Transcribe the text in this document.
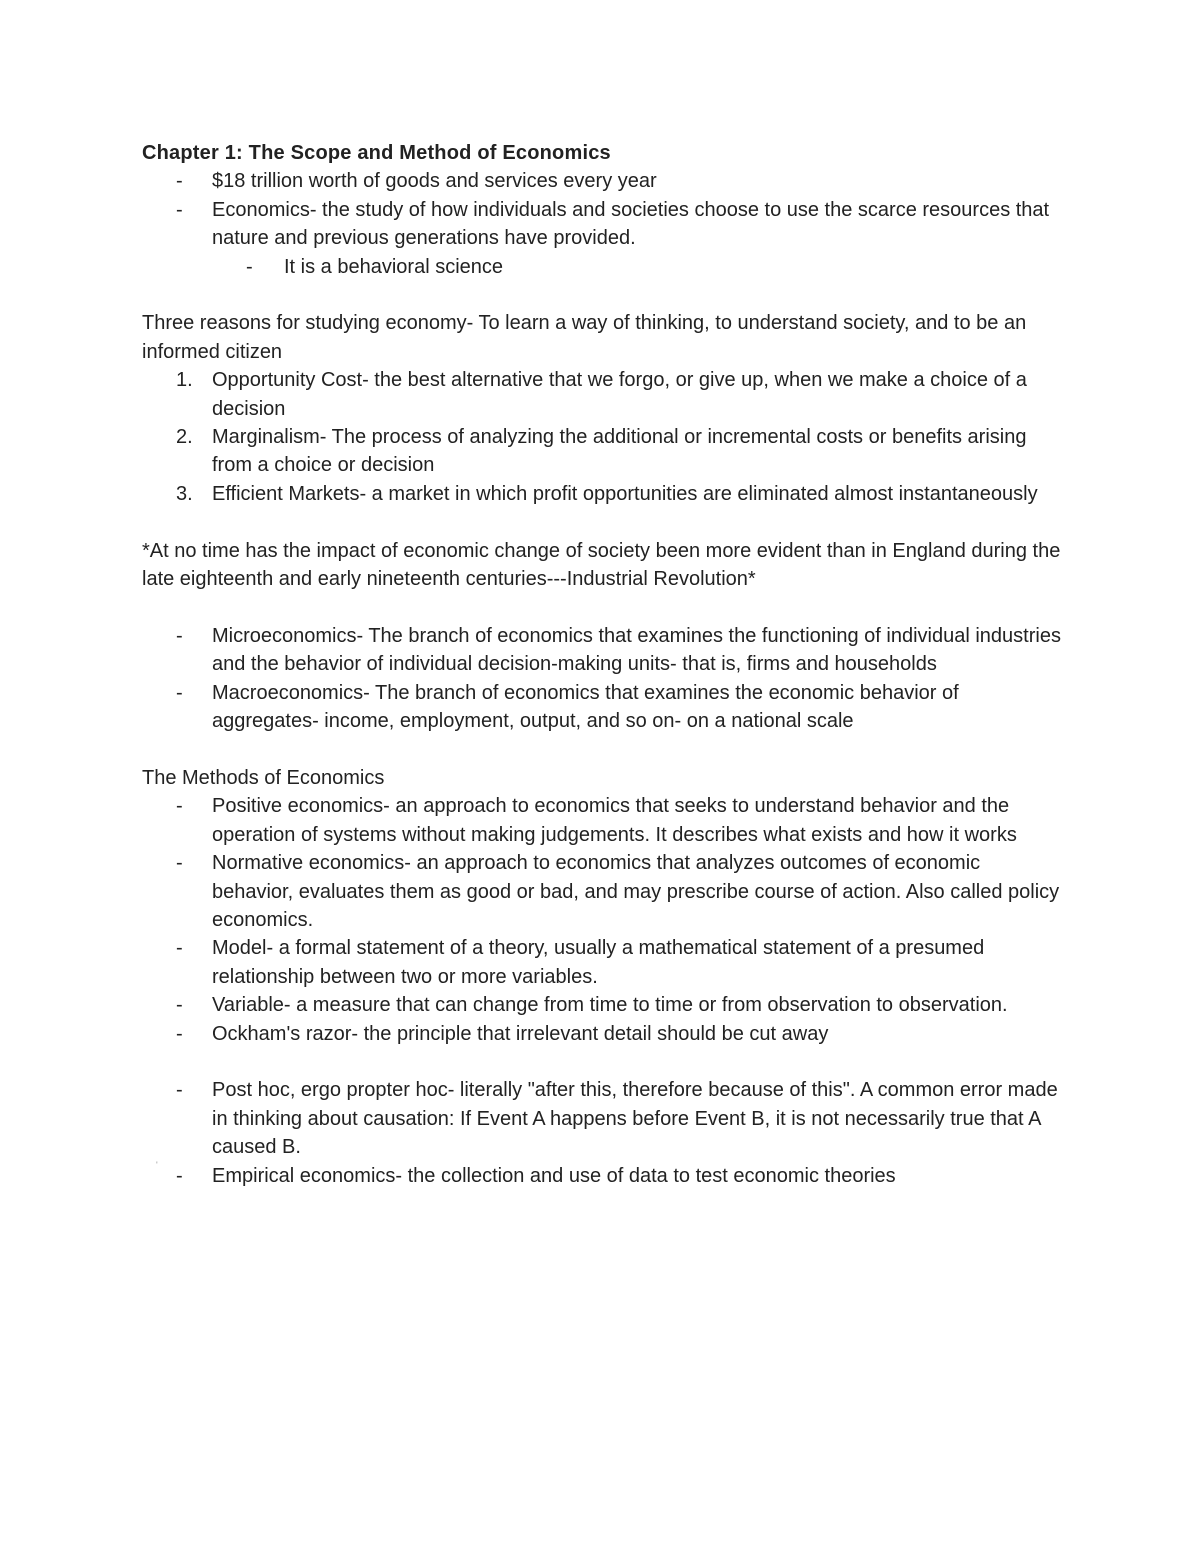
Chapter 1: The Scope and Method of Economics
- $18 trillion worth of goods and services every year
- Economics- the study of how individuals and societies choose to use the scarce resources that nature and previous generations have provided.
- It is a behavioral science

Three reasons for studying economy- To learn a way of thinking, to understand society, and to be an informed citizen

1. Opportunity Cost- the best alternative that we forgo, or give up, when we make a choice of a decision
2. Marginalism- The process of analyzing the additional or incremental costs or benefits arising from a choice or decision
3. Efficient Markets- a market in which profit opportunities are eliminated almost instantaneously

*At no time has the impact of economic change of society been more evident than in England during the late eighteenth and early nineteenth centuries---Industrial Revolution*

- Microeconomics- The branch of economics that examines the functioning of individual industries and the behavior of individual decision-making units- that is, firms and households
- Macroeconomics- The branch of economics that examines the economic behavior of aggregates- income, employment, output, and so on- on a national scale

The Methods of Economics

- Positive economics- an approach to economics that seeks to understand behavior and the operation of systems without making judgements. It describes what exists and how it works
- Normative economics- an approach to economics that analyzes outcomes of economic behavior, evaluates them as good or bad, and may prescribe course of action. Also called policy economics.
- Model- a formal statement of a theory, usually a mathematical statement of a presumed relationship between two or more variables.
- Variable- a measure that can change from time to time or from observation to observation.
- Ockham's razor- the principle that irrelevant detail should be cut away
- Post hoc, ergo propter hoc- literally "after this, therefore because of this". A common error made in thinking about causation: If Event A happens before Event B, it is not necessarily true that A caused B.
- Empirical economics- the collection and use of data to test economic theories
'
